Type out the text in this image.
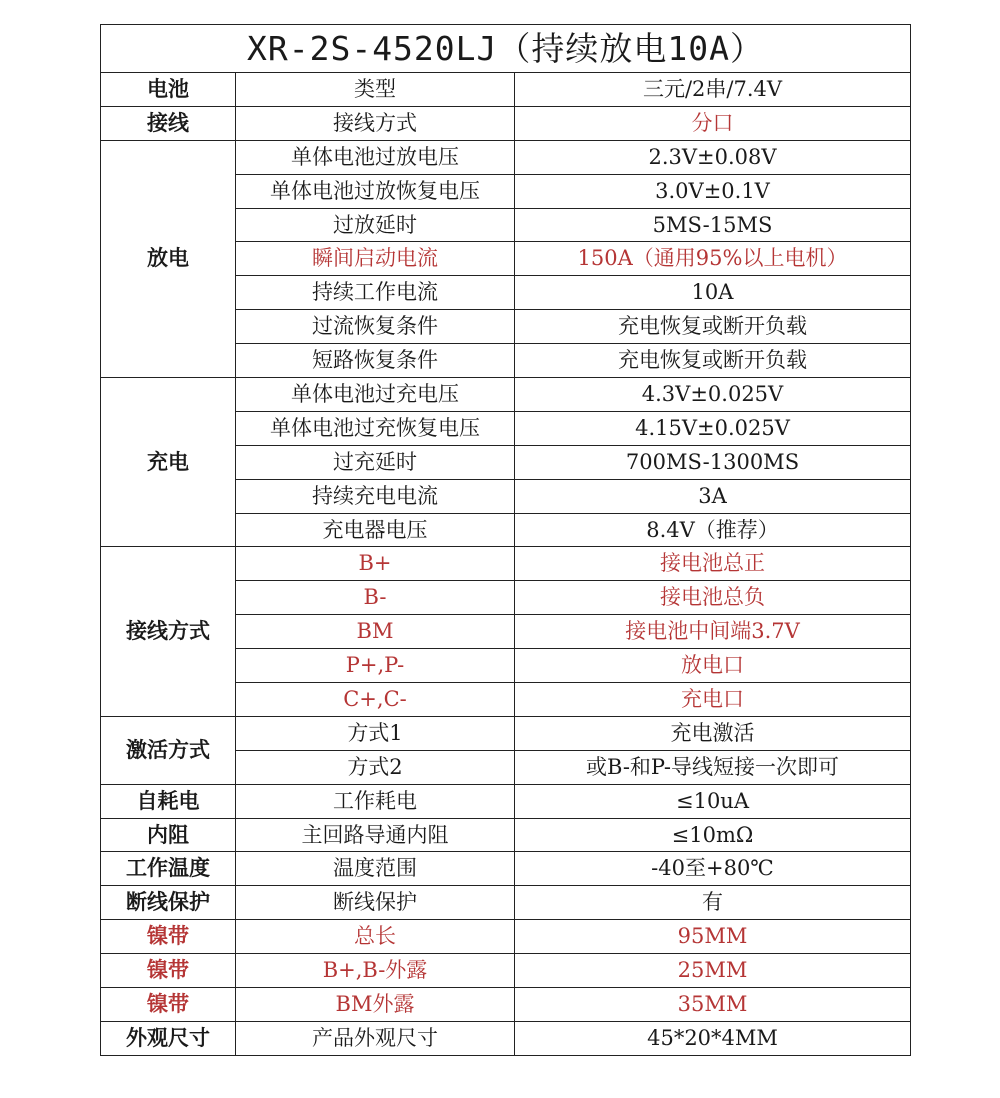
XR-2S-4520LJ（持续放电10A）		
电池	类型	三元/2串/7.4V
接线	接线方式	分口
放电	单体电池过放电压	2.3V±0.08V
	单体电池过放恢复电压	3.0V±0.1V
	过放延时	5MS-15MS
	瞬间启动电流	150A（通用95%以上电机）
	持续工作电流	10A
	过流恢复条件	充电恢复或断开负载
	短路恢复条件	充电恢复或断开负载
充电	单体电池过充电压	4.3V±0.025V
	单体电池过充恢复电压	4.15V±0.025V
	过充延时	700MS-1300MS
	持续充电电流	3A
	充电器电压	8.4V（推荐）
接线方式	B+	接电池总正
	B-	接电池总负
	BM	接电池中间端3.7V
	P+,P-	放电口
	C+,C-	充电口
激活方式	方式1	充电激活
	方式2	或B-和P-导线短接一次即可
自耗电	工作耗电	≤10uA
内阻	主回路导通内阻	≤10mΩ
工作温度	温度范围	-40至+80℃
断线保护	断线保护	有
镍带	总长	95MM
镍带	B+,B-外露	25MM
镍带	BM外露	35MM
外观尺寸	产品外观尺寸	45*20*4MM
